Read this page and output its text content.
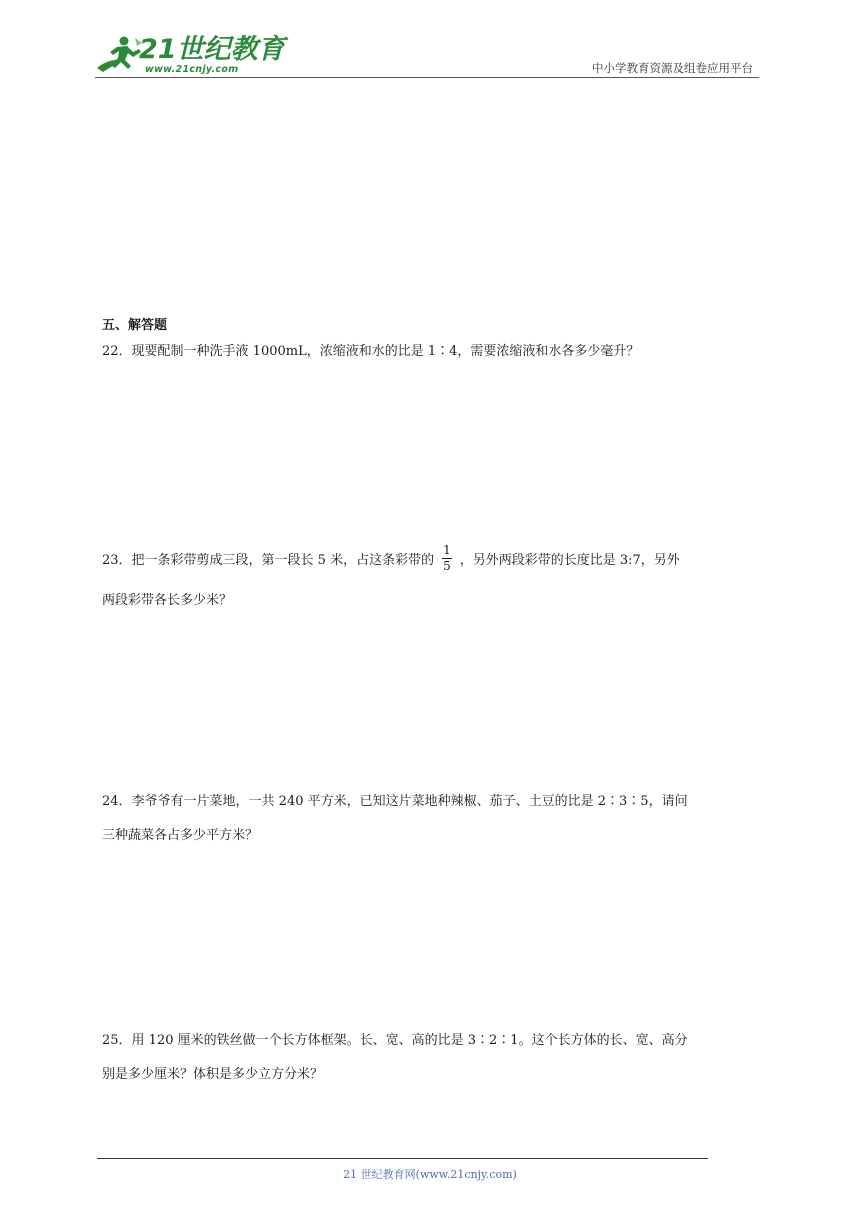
21世纪教育
www.21cnjy.com	中小学教育资源及组卷应用平台
五、解答题
22．现要配制一种洗手液 1000mL，浓缩液和水的比是 1∶4，需要浓缩液和水各多少毫升？
23．把一条彩带剪成三段，第一段长 5 米，占这条彩带的 $\frac{1}{5}$ ，另外两段彩带的长度比是 3:7，另外
两段彩带各长多少米？
24．李爷爷有一片菜地，一共 240 平方米，已知这片菜地种辣椒、茄子、土豆的比是 2∶3∶5，请问
三种蔬菜各占多少平方米？
25．用 120 厘米的铁丝做一个长方体框架。长、宽、高的比是 3∶2∶1。这个长方体的长、宽、高分
别是多少厘米？体积是多少立方分米？
21 世纪教育网(www.21cnjy.com)
